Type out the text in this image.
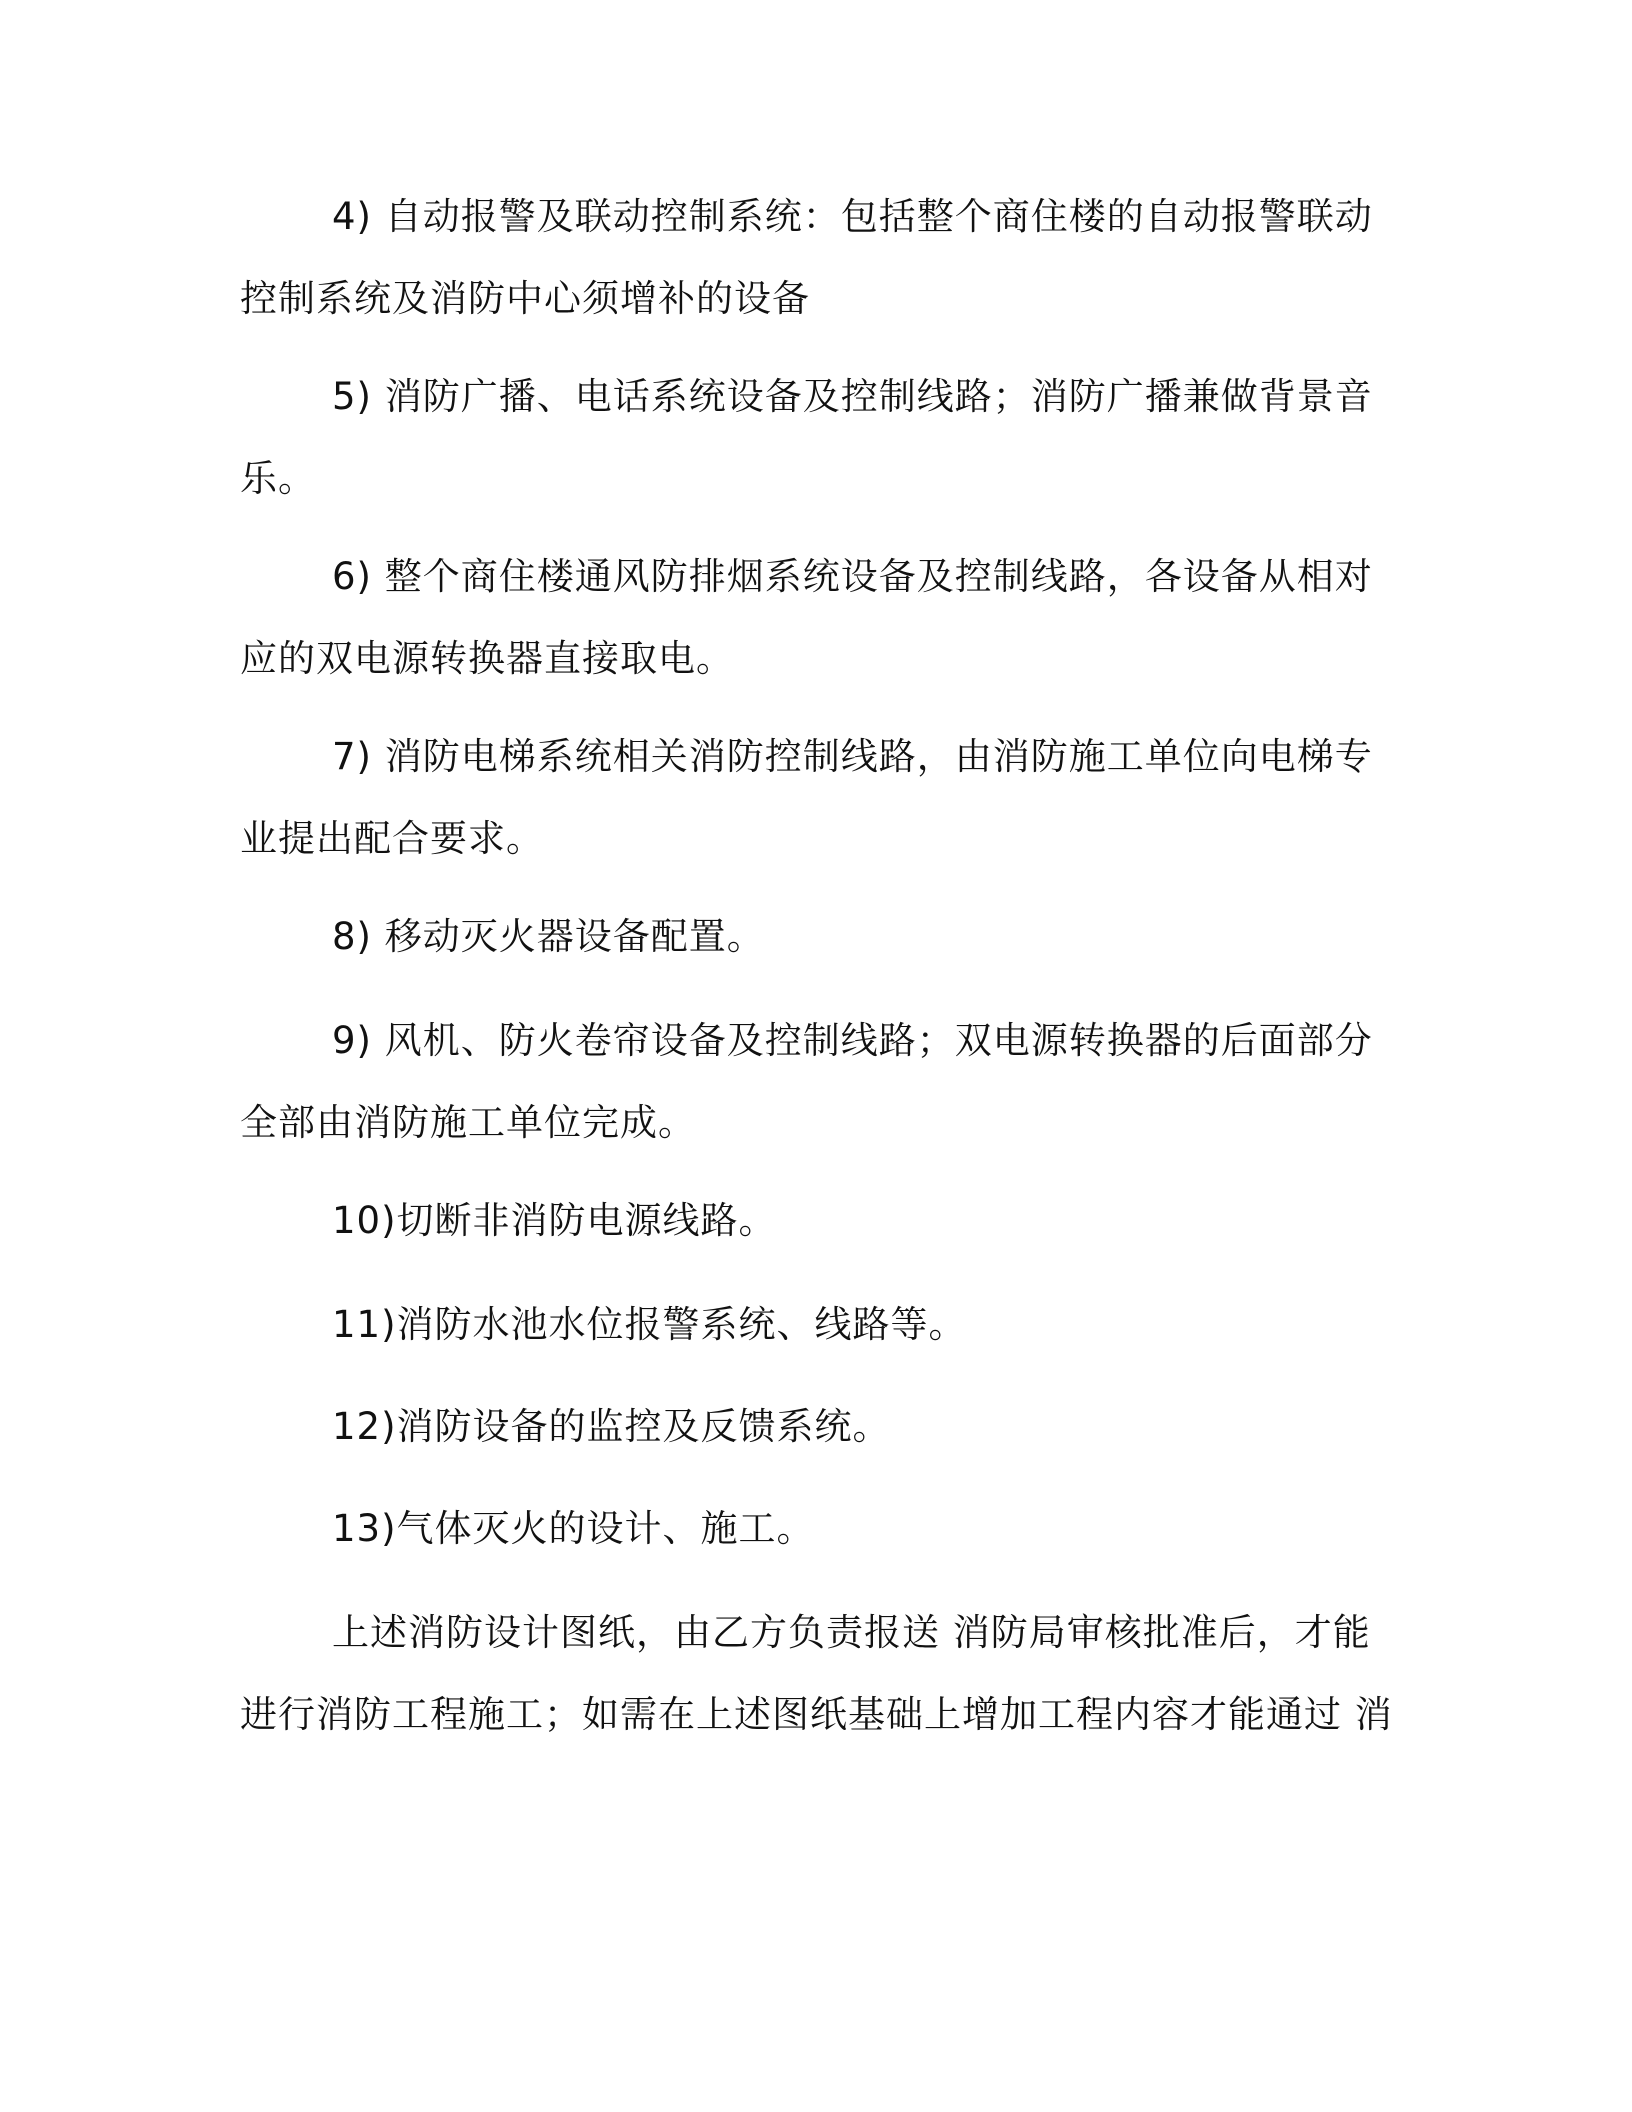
4) 自动报警及联动控制系统：包括整个商住楼的自动报警联动
控制系统及消防中心须增补的设备

5) 消防广播、电话系统设备及控制线路；消防广播兼做背景音
乐。

6) 整个商住楼通风防排烟系统设备及控制线路，各设备从相对
应的双电源转换器直接取电。

7) 消防电梯系统相关消防控制线路，由消防施工单位向电梯专
业提出配合要求。

8) 移动灭火器设备配置。

9) 风机、防火卷帘设备及控制线路；双电源转换器的后面部分
全部由消防施工单位完成。

10)切断非消防电源线路。

11)消防水池水位报警系统、线路等。

12)消防设备的监控及反馈系统。

13)气体灭火的设计、施工。

上述消防设计图纸，由乙方负责报送 消防局审核批准后，才能
进行消防工程施工；如需在上述图纸基础上增加工程内容才能通过 消
